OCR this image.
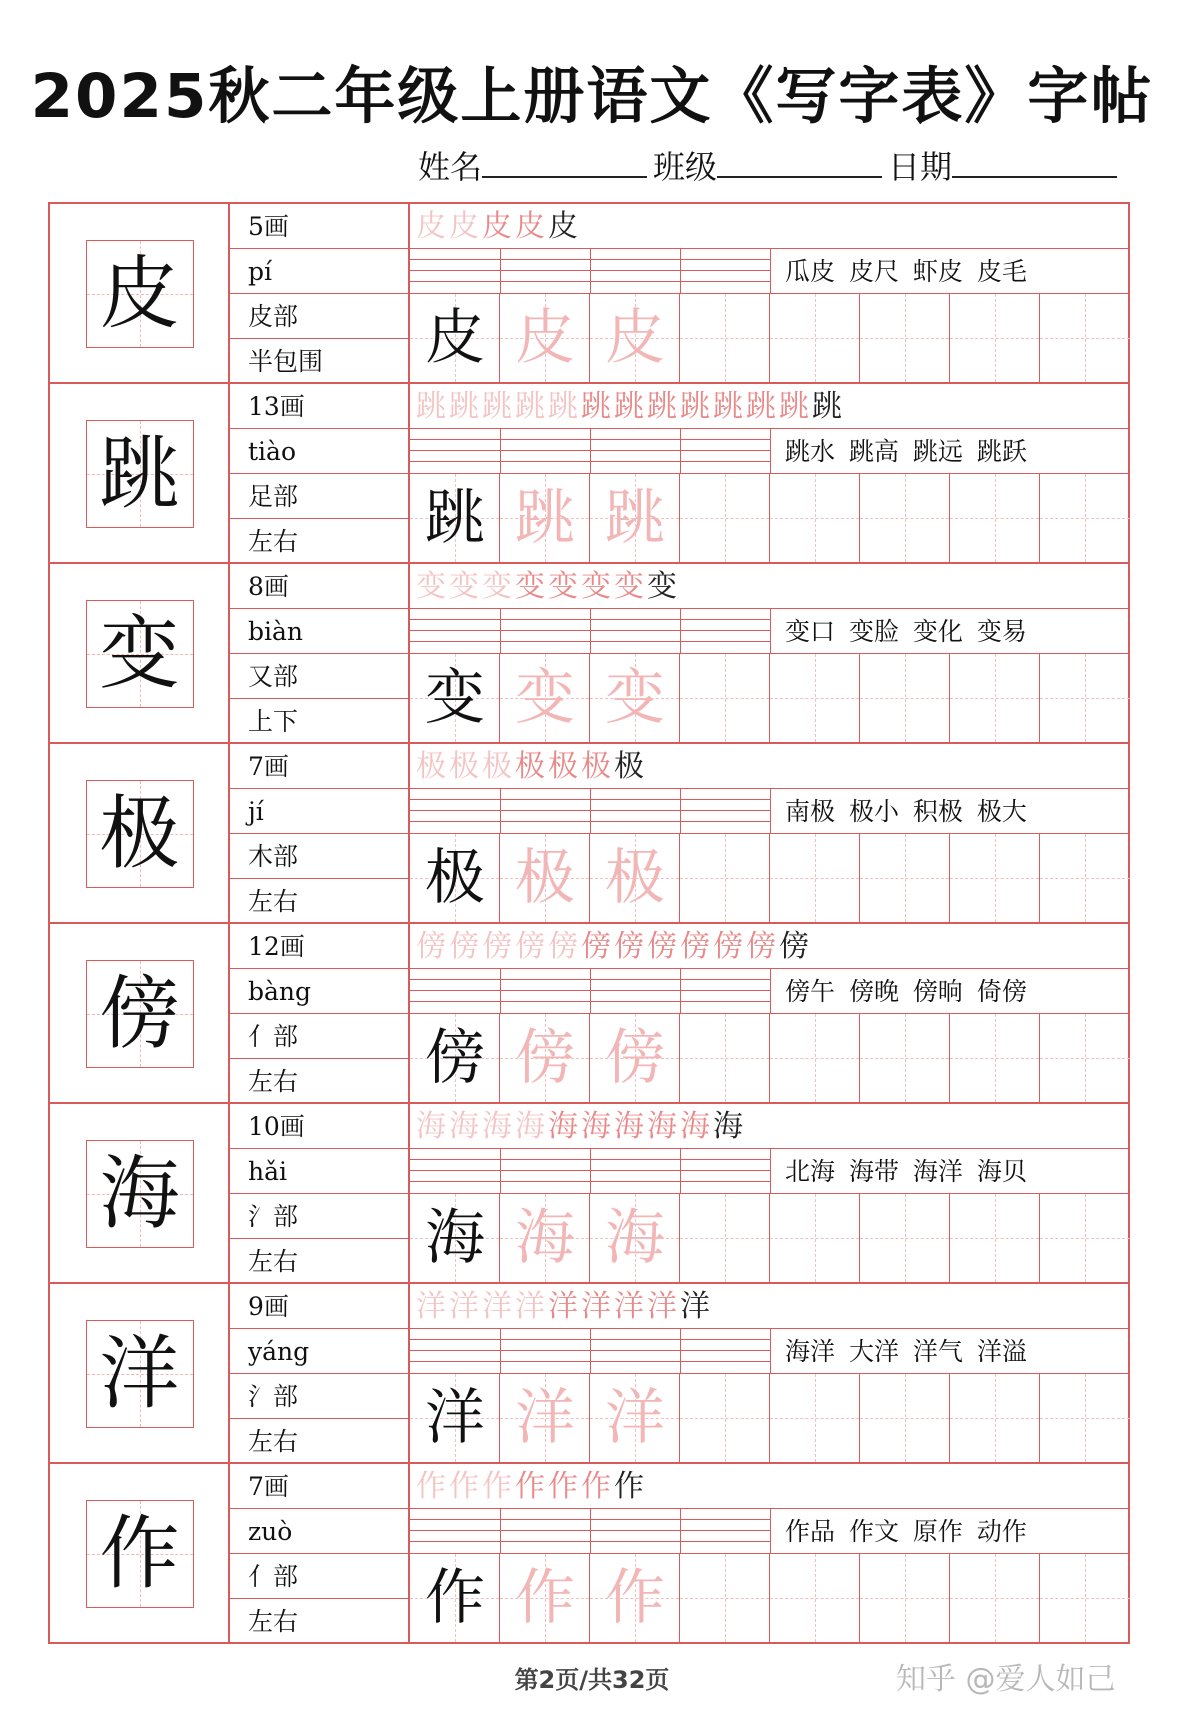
2025秋二年级上册语文《写字表》字帖
姓名	班级	日期
皮
5画
pí
皮部
半包围
皮 皮 皮 皮 皮
瓜皮 皮尺 虾皮 皮毛
皮 皮 皮
跳
13画
tiào
足部
左右
跳 跳 跳 跳 跳 跳 跳 跳 跳 跳 跳 跳 跳
跳水 跳高 跳远 跳跃
跳 跳 跳
变
8画
biàn
又部
上下
变 变 变 变 变 变 变 变
变口 变脸 变化 变易
变 变 变
极
7画
jí
木部
左右
极 极 极 极 极 极 极
南极 极小 积极 极大
极 极 极
傍
12画
bàng
亻部
左右
傍 傍 傍 傍 傍 傍 傍 傍 傍 傍 傍 傍
傍午 傍晚 傍晌 倚傍
傍 傍 傍
海
10画
hǎi
氵部
左右
海 海 海 海 海 海 海 海 海 海
北海 海带 海洋 海贝
海 海 海
洋
9画
yáng
氵部
左右
洋 洋 洋 洋 洋 洋 洋 洋 洋
海洋 大洋 洋气 洋溢
洋 洋 洋
作
7画
zuò
亻部
左右
作 作 作 作 作 作 作
作品 作文 原作 动作
作 作 作
第2页/共32页	知乎 @爱人如己
